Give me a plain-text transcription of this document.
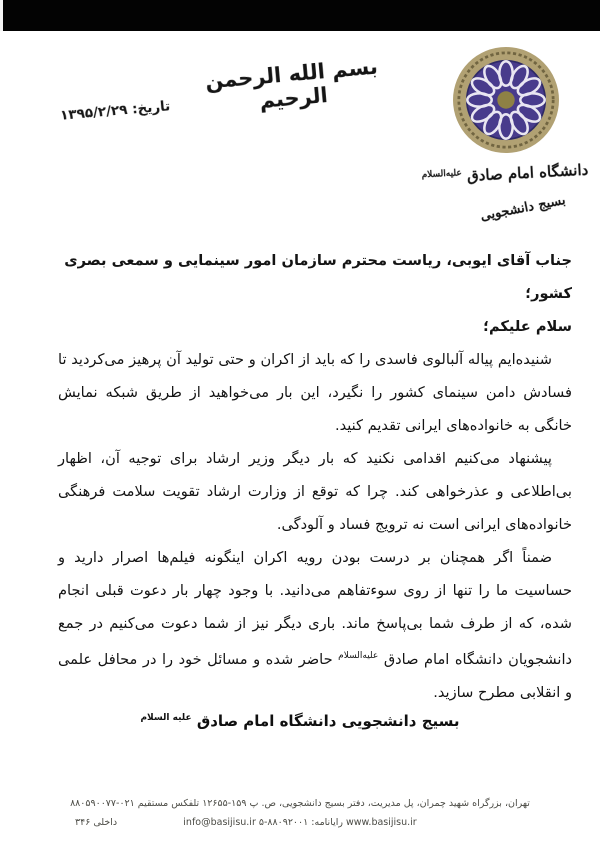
بسم الله الرحمن الرحیم
تاریخ: ۱۳۹۵/۲/۲۹
دانشگاه امام صادق $^{علیه‌السلام}$
بسیج دانشجویی

جناب آقای ایوبی، ریاست محترم سازمان امور سینمایی و سمعی بصری کشور؛

سلام علیکم؛

شنیده‌ایم پیاله آلبالوی فاسدی را که باید از اکران و حتی تولید آن پرهیز می‌کردید تا فسادش دامن سینمای کشور را نگیرد، این بار می‌خواهید از طریق شبکه نمایش خانگی به خانواده‌های ایرانی تقدیم کنید.

پیشنهاد می‌کنیم اقدامی نکنید که بار دیگر وزیر ارشاد برای توجیه آن، اظهار بی‌اطلاعی و عذرخواهی کند. چرا که توقع از وزارت ارشاد تقویت سلامت فرهنگی خانواده‌های ایرانی است نه ترویج فساد و آلودگی.

ضمناً اگر همچنان بر درست بودن رویه اکران اینگونه فیلم‌ها اصرار دارید و حساسیت ما را تنها از روی سوءتفاهم می‌دانید. با وجود چهار بار دعوت قبلی انجام شده، که از طرف شما بی‌پاسخ ماند. باری دیگر نیز از شما دعوت می‌کنیم در جمع دانشجویان دانشگاه امام صادق $^{علیه‌السلام}$ حاضر شده و مسائل خود را در محافل علمی و انقلابی مطرح سازید.

بسیج دانشجویی دانشگاه امام صادق $^{علیه السلام}$
تهران، بزرگراه شهید چمران، پل مدیریت، دفتر بسیج دانشجویی، ص. پ ۱۵۹-۱۲۶۵۵ تلفکس مستقیم ۰۲۱-۸۸۰۵۹۰۰۷۷
www.basijisu.ir رایانامه: info@basijisu.ir ۵-۸۸۰۹۲۰۰۱
داخلی ۳۴۶
